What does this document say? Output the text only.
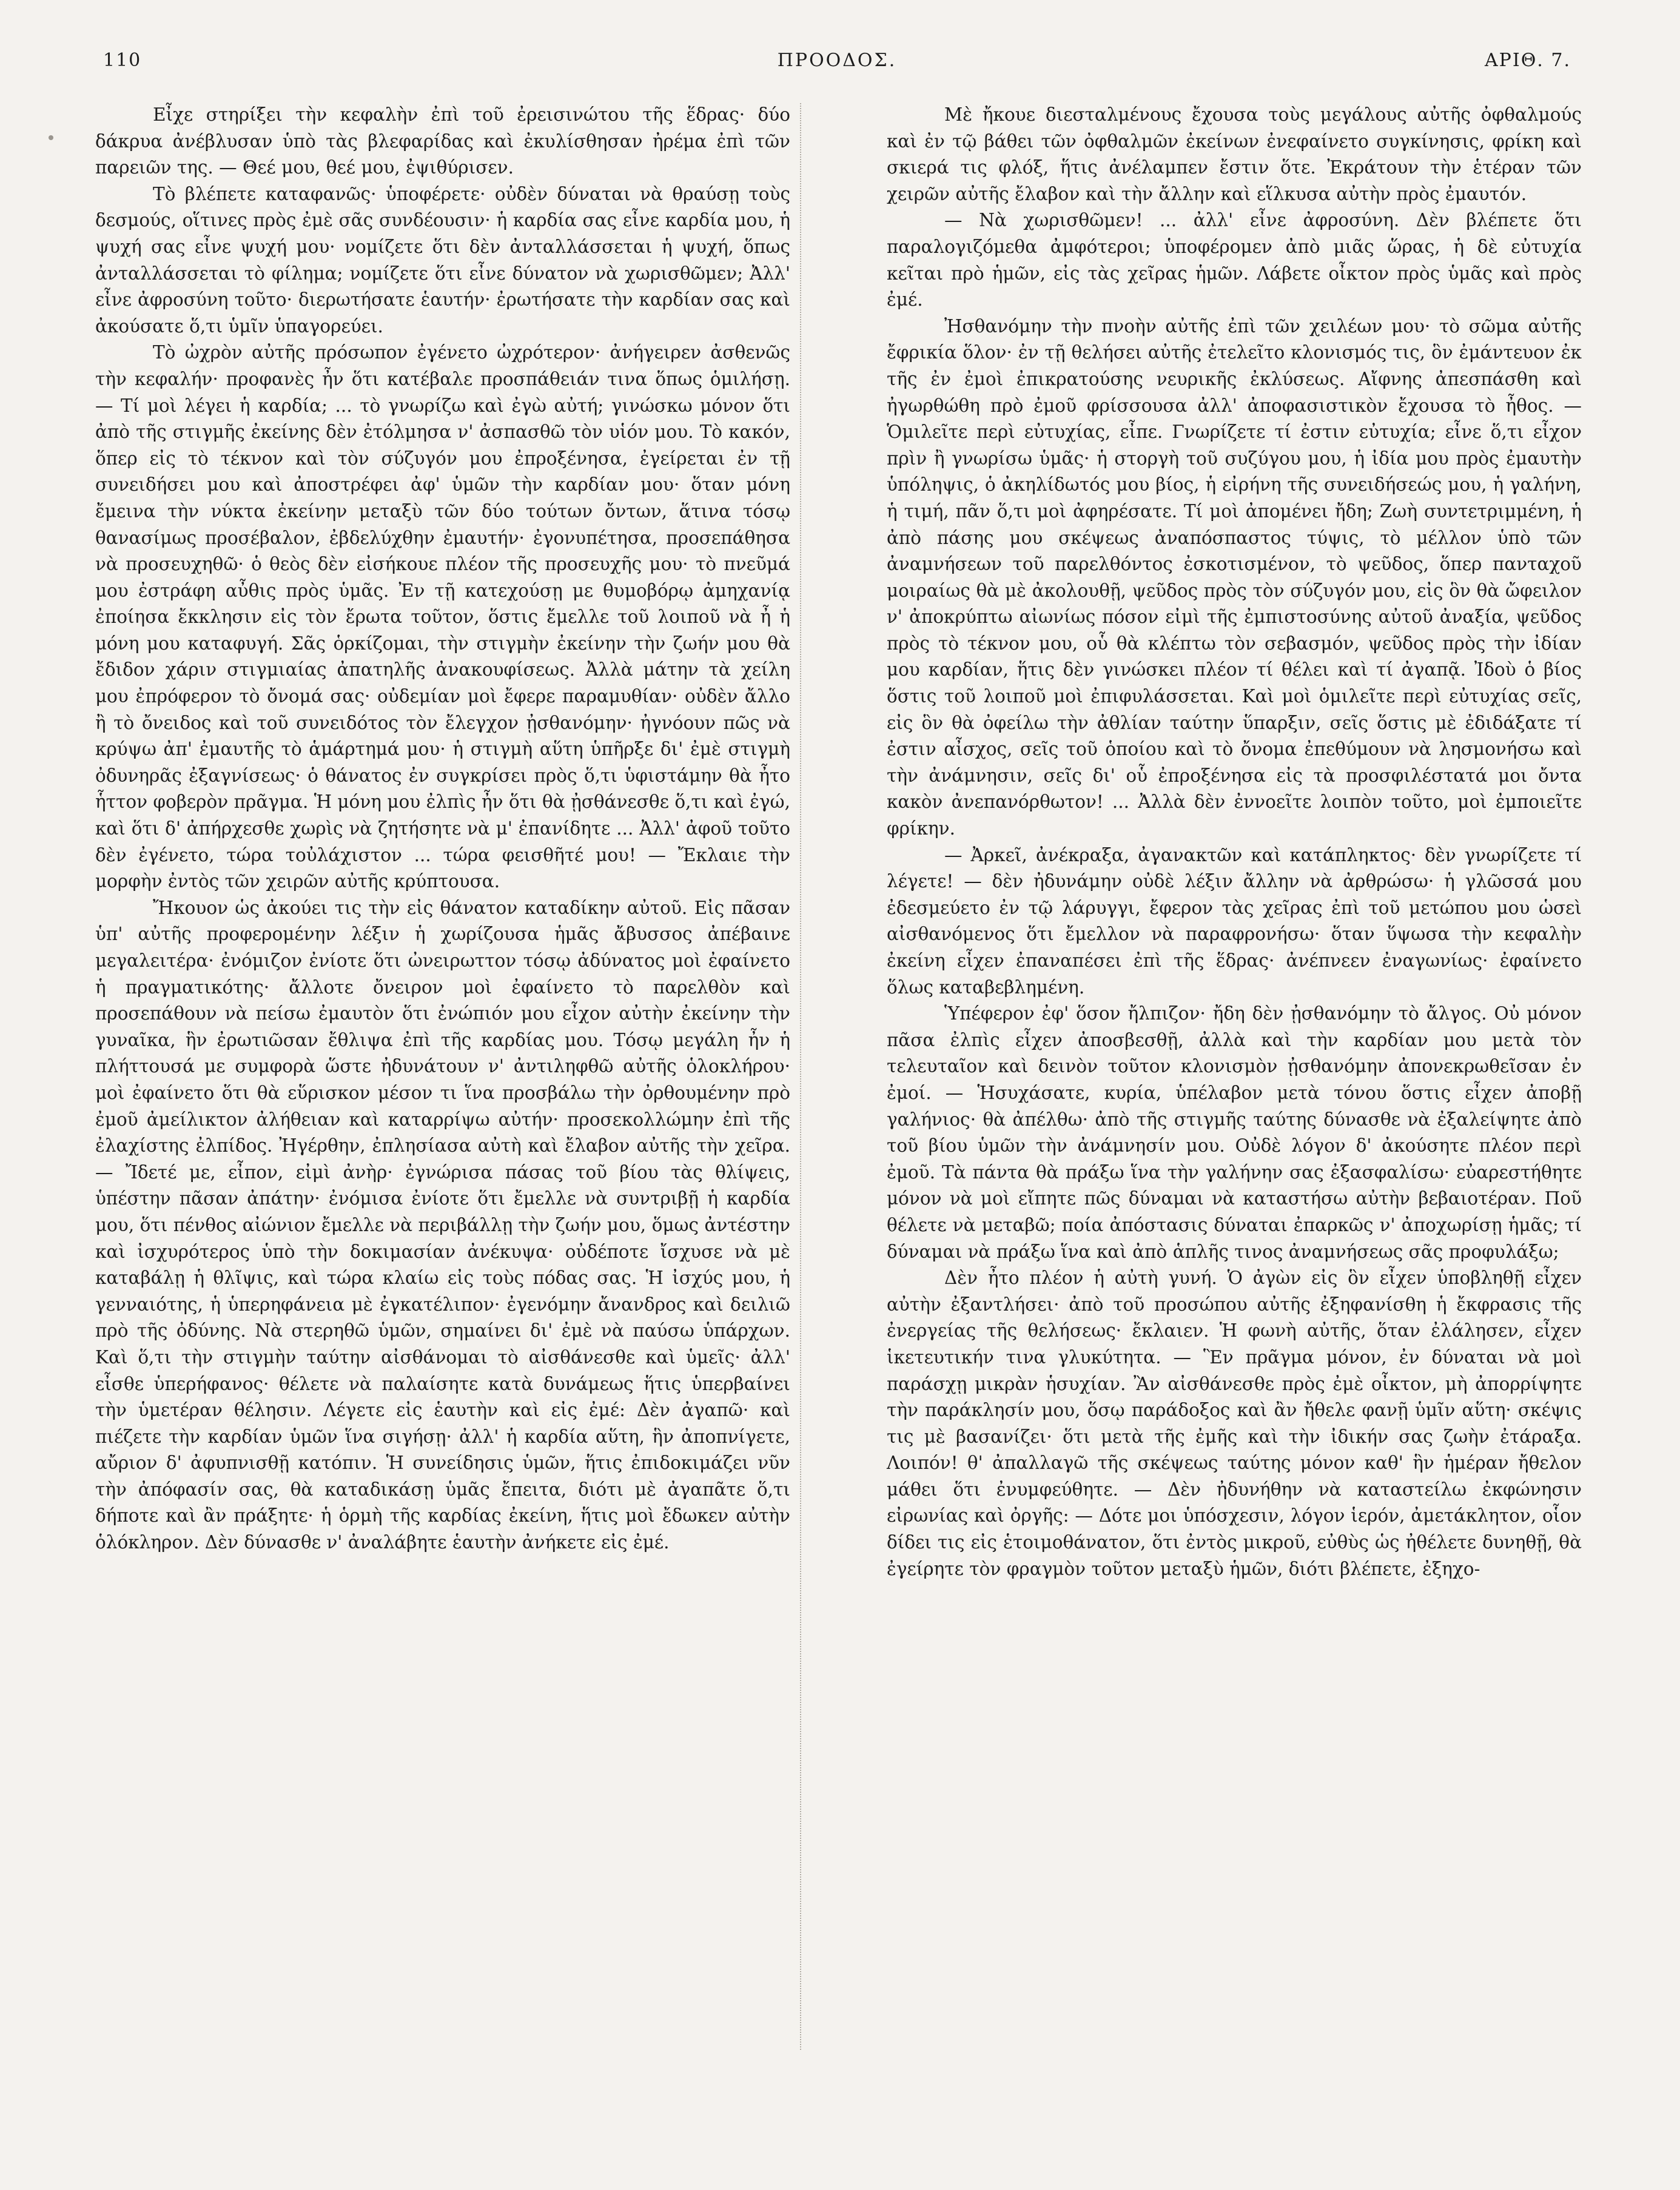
110	ΠΡΟΟΔΟΣ.	ΑΡΙΘ. 7.

Εἶχε στηρίξει τὴν κεφαλὴν ἐπὶ τοῦ ἐρεισινώτου τῆς ἕδρας· δύο δάκρυα ἀνέβλυσαν ὑπὸ τὰς βλεφαρίδας καὶ ἐκυλίσθησαν ἠρέμα ἐπὶ τῶν παρειῶν της. — Θεέ μου, θεέ μου, ἐψιθύρισεν.

Τὸ βλέπετε καταφανῶς· ὑποφέρετε· οὐδὲν δύναται νὰ θραύσῃ τοὺς δεσμούς, οἵτινες πρὸς ἐμὲ σᾶς συνδέουσιν· ἡ καρδία σας εἶνε καρδία μου, ἡ ψυχή σας εἶνε ψυχή μου· νομίζετε ὅτι δὲν ἀνταλλάσσεται ἡ ψυχή, ὅπως ἀνταλλάσσεται τὸ φίλημα; νομίζετε ὅτι εἶνε δύνατον νὰ χωρισθῶμεν; Ἀλλ' εἶνε ἀφροσύνη τοῦτο· διερωτήσατε ἑαυτήν· ἐρωτήσατε τὴν καρδίαν σας καὶ ἀκούσατε ὅ,τι ὑμῖν ὑπαγορεύει.

Τὸ ὠχρὸν αὐτῆς πρόσωπον ἐγένετο ὠχρότερον· ἀνήγειρεν ἀσθενῶς τὴν κεφαλήν· προφανὲς ἦν ὅτι κατέβαλε προσπάθειάν τινα ὅπως ὁμιλήσῃ. — Τί μοὶ λέγει ἡ καρδία; ... τὸ γνωρίζω καὶ ἐγὼ αὐτή; γινώσκω μόνον ὅτι ἀπὸ τῆς στιγμῆς ἐκείνης δὲν ἐτόλμησα ν' ἀσπασθῶ τὸν υἱόν μου. Τὸ κακόν, ὅπερ εἰς τὸ τέκνον καὶ τὸν σύζυγόν μου ἐπροξένησα, ἐγείρεται ἐν τῇ συνειδήσει μου καὶ ἀποστρέφει ἀφ' ὑμῶν τὴν καρδίαν μου· ὅταν μόνη ἔμεινα τὴν νύκτα ἐκείνην μεταξὺ τῶν δύο τούτων ὄντων, ἅτινα τόσῳ θανασίμως προσέβαλον, ἐβδελύχθην ἐμαυτήν· ἐγονυπέτησα, προσεπάθησα νὰ προσευχηθῶ· ὁ θεὸς δὲν εἰσήκουε πλέον τῆς προσευχῆς μου· τὸ πνεῦμά μου ἐστράφη αὖθις πρὸς ὑμᾶς. Ἐν τῇ κατεχούσῃ με θυμοβόρῳ ἀμηχανίᾳ ἐποίησα ἔκκλησιν εἰς τὸν ἔρωτα τοῦτον, ὅστις ἔμελλε τοῦ λοιποῦ νὰ ἦ ἡ μόνη μου καταφυγή. Σᾶς ὁρκίζομαι, τὴν στιγμὴν ἐκείνην τὴν ζωήν μου θὰ ἔδιδον χάριν στιγμιαίας ἀπατηλῆς ἀνακουφίσεως. Ἀλλὰ μάτην τὰ χείλη μου ἐπρόφερον τὸ ὄνομά σας· οὐδεμίαν μοὶ ἔφερε παραμυθίαν· οὐδὲν ἄλλο ἢ τὸ ὄνειδος καὶ τοῦ συνειδότος τὸν ἔλεγχον ᾐσθανόμην· ἠγνόουν πῶς νὰ κρύψω ἀπ' ἐμαυτῆς τὸ ἁμάρτημά μου· ἡ στιγμὴ αὕτη ὑπῆρξε δι' ἐμὲ στιγμὴ ὀδυνηρᾶς ἐξαγνίσεως· ὁ θάνατος ἐν συγκρίσει πρὸς ὅ,τι ὑφιστάμην θὰ ἦτο ἧττον φοβερὸν πρᾶγμα. Ἡ μόνη μου ἐλπὶς ἦν ὅτι θὰ ᾐσθάνεσθε ὅ,τι καὶ ἐγώ, καὶ ὅτι δ' ἀπήρχεσθε χωρὶς νὰ ζητήσητε νὰ μ' ἐπανίδητε ... Ἀλλ' ἀφοῦ τοῦτο δὲν ἐγένετο, τώρα τοὐλάχιστον ... τώρα φεισθῆτέ μου! — Ἔκλαιε τὴν μορφὴν ἐντὸς τῶν χειρῶν αὐτῆς κρύπτουσα.

Ἤκουον ὡς ἀκούει τις τὴν εἰς θάνατον καταδίκην αὐτοῦ. Εἰς πᾶσαν ὑπ' αὐτῆς προφερομένην λέξιν ἡ χωρίζουσα ἡμᾶς ἄβυσσος ἀπέβαινε μεγαλειτέρα· ἐνόμιζον ἐνίοτε ὅτι ὠνειρωττον τόσῳ ἀδύνατος μοὶ ἐφαίνετο ἡ πραγματικότης· ἄλλοτε ὄνειρον μοὶ ἐφαίνετο τὸ παρελθὸν καὶ προσεπάθουν νὰ πείσω ἐμαυτὸν ὅτι ἐνώπιόν μου εἶχον αὐτὴν ἐκείνην τὴν γυναῖκα, ἣν ἐρωτιῶσαν ἔθλιψα ἐπὶ τῆς καρδίας μου. Τόσῳ μεγάλη ἦν ἡ πλήττουσά με συμφορὰ ὥστε ἠδυνάτουν ν' ἀντιληφθῶ αὐτῆς ὁλοκλήρου· μοὶ ἐφαίνετο ὅτι θὰ εὕρισκον μέσον τι ἵνα προσβάλω τὴν ὀρθουμένην πρὸ ἐμοῦ ἀμείλικτον ἀλήθειαν καὶ καταρρίψω αὐτήν· προσεκολλώμην ἐπὶ τῆς ἐλαχίστης ἐλπίδος. Ἠγέρθην, ἐπλησίασα αὐτὴ καὶ ἔλαβον αὐτῆς τὴν χεῖρα. — Ἴδετέ με, εἶπον, εἰμὶ ἀνὴρ· ἐγνώρισα πάσας τοῦ βίου τὰς θλίψεις, ὑπέστην πᾶσαν ἀπάτην· ἐνόμισα ἐνίοτε ὅτι ἔμελλε νὰ συντριβῇ ἡ καρδία μου, ὅτι πένθος αἰώνιον ἔμελλε νὰ περιβάλλῃ τὴν ζωήν μου, ὅμως ἀντέστην καὶ ἰσχυρότερος ὑπὸ τὴν δοκιμασίαν ἀνέκυψα· οὐδέποτε ἴσχυσε νὰ μὲ καταβάλῃ ἡ θλῖψις, καὶ τώρα κλαίω εἰς τοὺς πόδας σας. Ἡ ἰσχύς μου, ἡ γενναιότης, ἡ ὑπερηφάνεια μὲ ἐγκατέλιπον· ἐγενόμην ἄνανδρος καὶ δειλιῶ πρὸ τῆς ὀδύνης. Νὰ στερηθῶ ὑμῶν, σημαίνει δι' ἐμὲ νὰ παύσω ὑπάρχων. Καὶ ὅ,τι τὴν στιγμὴν ταύτην αἰσθάνομαι τὸ αἰσθάνεσθε καὶ ὑμεῖς· ἀλλ' εἶσθε ὑπερήφανος· θέλετε νὰ παλαίσητε κατὰ δυνάμεως ἥτις ὑπερβαίνει τὴν ὑμετέραν θέλησιν. Λέγετε εἰς ἑαυτὴν καὶ εἰς ἐμέ: Δὲν ἀγαπῶ· καὶ πιέζετε τὴν καρδίαν ὑμῶν ἵνα σιγήσῃ· ἀλλ' ἡ καρδία αὕτη, ἣν ἀποπνίγετε, αὔριον δ' ἀφυπνισθῇ κατόπιν. Ἡ συνείδησις ὑμῶν, ἥτις ἐπιδοκιμάζει νῦν τὴν ἀπόφασίν σας, θὰ καταδικάσῃ ὑμᾶς ἔπειτα, διότι μὲ ἀγαπᾶτε ὅ,τι δήποτε καὶ ἂν πράξητε· ἡ ὁρμὴ τῆς καρδίας ἐκείνη, ἥτις μοὶ ἔδωκεν αὐτὴν ὁλόκληρον. Δὲν δύνασθε ν' ἀναλάβητε ἑαυτὴν ἀνήκετε εἰς ἐμέ.

Μὲ ἤκουε διεσταλμένους ἔχουσα τοὺς μεγάλους αὐτῆς ὀφθαλμούς καὶ ἐν τῷ βάθει τῶν ὀφθαλμῶν ἐκείνων ἐνεφαίνετο συγκίνησις, φρίκη καὶ σκιερά τις φλόξ, ἥτις ἀνέλαμπεν ἔστιν ὅτε. Ἐκράτουν τὴν ἑτέραν τῶν χειρῶν αὐτῆς ἔλαβον καὶ τὴν ἄλλην καὶ εἵλκυσα αὐτὴν πρὸς ἐμαυτόν.

— Νὰ χωρισθῶμεν! ... ἀλλ' εἶνε ἀφροσύνη. Δὲν βλέπετε ὅτι παραλογιζόμεθα ἀμφότεροι; ὑποφέρομεν ἀπὸ μιᾶς ὥρας, ἡ δὲ εὐτυχία κεῖται πρὸ ἡμῶν, εἰς τὰς χεῖρας ἡμῶν. Λάβετε οἶκτον πρὸς ὑμᾶς καὶ πρὸς ἐμέ.

Ἠσθανόμην τὴν πνοὴν αὐτῆς ἐπὶ τῶν χειλέων μου· τὸ σῶμα αὐτῆς ἔφρικία ὅλον· ἐν τῇ θελήσει αὐτῆς ἐτελεῖτο κλονισμός τις, ὃν ἐμάντευον ἐκ τῆς ἐν ἐμοὶ ἐπικρατούσης νευρικῆς ἐκλύσεως. Αἴφνης ἀπεσπάσθη καὶ ἠγωρθώθη πρὸ ἐμοῦ φρίσσουσα ἀλλ' ἀποφασιστικὸν ἔχουσα τὸ ἦθος. — Ὁμιλεῖτε περὶ εὐτυχίας, εἶπε. Γνωρίζετε τί ἐστιν εὐτυχία; εἶνε ὅ,τι εἶχον πρὶν ἢ γνωρίσω ὑμᾶς· ἡ στοργὴ τοῦ συζύγου μου, ἡ ἰδία μου πρὸς ἐμαυτὴν ὑπόληψις, ὁ ἀκηλίδωτός μου βίος, ἡ εἰρήνη τῆς συνειδήσεώς μου, ἡ γαλήνη, ἡ τιμή, πᾶν ὅ,τι μοὶ ἀφηρέσατε. Τί μοὶ ἀπομένει ἤδη; Ζωὴ συντετριμμένη, ἡ ἀπὸ πάσης μου σκέψεως ἀναπόσπαστος τύψις, τὸ μέλλον ὑπὸ τῶν ἀναμνήσεων τοῦ παρελθόντος ἐσκοτισμένον, τὸ ψεῦδος, ὅπερ πανταχοῦ μοιραίως θὰ μὲ ἀκολουθῇ, ψεῦδος πρὸς τὸν σύζυγόν μου, εἰς ὃν θὰ ὤφειλον ν' ἀποκρύπτω αἰωνίως πόσον εἰμὶ τῆς ἐμπιστοσύνης αὐτοῦ ἀναξία, ψεῦδος πρὸς τὸ τέκνον μου, οὗ θὰ κλέπτω τὸν σεβασμόν, ψεῦδος πρὸς τὴν ἰδίαν μου καρδίαν, ἥτις δὲν γινώσκει πλέον τί θέλει καὶ τί ἀγαπᾷ. Ἰδοὺ ὁ βίος ὅστις τοῦ λοιποῦ μοὶ ἐπιφυλάσσεται. Καὶ μοὶ ὁμιλεῖτε περὶ εὐτυχίας σεῖς, εἰς ὃν θὰ ὀφείλω τὴν ἀθλίαν ταύτην ὕπαρξιν, σεῖς ὅστις μὲ ἐδιδάξατε τί ἐστιν αἶσχος, σεῖς τοῦ ὁποίου καὶ τὸ ὄνομα ἐπεθύμουν νὰ λησμονήσω καὶ τὴν ἀνάμνησιν, σεῖς δι' οὗ ἐπροξένησα εἰς τὰ προσφιλέστατά μοι ὄντα κακὸν ἀνεπανόρθωτον! ... Ἀλλὰ δὲν ἐννοεῖτε λοιπὸν τοῦτο, μοὶ ἐμποιεῖτε φρίκην.

— Ἀρκεῖ, ἀνέκραξα, ἀγανακτῶν καὶ κατάπληκτος· δὲν γνωρίζετε τί λέγετε! — δὲν ἠδυνάμην οὐδὲ λέξιν ἄλλην νὰ ἀρθρώσω· ἡ γλῶσσά μου ἐδεσμεύετο ἐν τῷ λάρυγγι, ἔφερον τὰς χεῖρας ἐπὶ τοῦ μετώπου μου ὡσεὶ αἰσθανόμενος ὅτι ἔμελλον νὰ παραφρονήσω· ὅταν ὕψωσα τὴν κεφαλὴν ἐκείνη εἶχεν ἐπαναπέσει ἐπὶ τῆς ἕδρας· ἀνέπνεεν ἐναγωνίως· ἐφαίνετο ὅλως καταβεβλημένη.

Ὑπέφερον ἐφ' ὅσον ἤλπιζον· ἤδη δὲν ᾐσθανόμην τὸ ἄλγος. Οὐ μόνον πᾶσα ἐλπὶς εἶχεν ἀποσβεσθῇ, ἀλλὰ καὶ τὴν καρδίαν μου μετὰ τὸν τελευταῖον καὶ δεινὸν τοῦτον κλονισμὸν ᾐσθανόμην ἀπονεκρωθεῖσαν ἐν ἐμοί. — Ἡσυχάσατε, κυρία, ὑπέλαβον μετὰ τόνου ὅστις εἶχεν ἀποβῇ γαλήνιος· θὰ ἀπέλθω· ἀπὸ τῆς στιγμῆς ταύτης δύνασθε νὰ ἐξαλείψητε ἀπὸ τοῦ βίου ὑμῶν τὴν ἀνάμνησίν μου. Οὐδὲ λόγον δ' ἀκούσητε πλέον περὶ ἐμοῦ. Τὰ πάντα θὰ πράξω ἵνα τὴν γαλήνην σας ἐξασφαλίσω· εὐαρεστήθητε μόνον νὰ μοὶ εἴπητε πῶς δύναμαι νὰ καταστήσω αὐτὴν βεβαιοτέραν. Ποῦ θέλετε νὰ μεταβῶ; ποία ἀπόστασις δύναται ἐπαρκῶς ν' ἀποχωρίσῃ ἡμᾶς; τί δύναμαι νὰ πράξω ἵνα καὶ ἀπὸ ἁπλῆς τινος ἀναμνήσεως σᾶς προφυλάξω;

Δὲν ἦτο πλέον ἡ αὐτὴ γυνή. Ὁ ἀγὼν εἰς ὃν εἶχεν ὑποβληθῇ εἶχεν αὐτὴν ἐξαντλήσει· ἀπὸ τοῦ προσώπου αὐτῆς ἐξηφανίσθη ἡ ἔκφρασις τῆς ἐνεργείας τῆς θελήσεως· ἔκλαιεν. Ἡ φωνὴ αὐτῆς, ὅταν ἐλάλησεν, εἶχεν ἱκετευτικήν τινα γλυκύτητα. — Ἓν πρᾶγμα μόνον, ἐν δύναται νὰ μοὶ παράσχῃ μικρὰν ἡσυχίαν. Ἂν αἰσθάνεσθε πρὸς ἐμὲ οἶκτον, μὴ ἀπορρίψητε τὴν παράκλησίν μου, ὅσῳ παράδοξος καὶ ἂν ἤθελε φανῇ ὑμῖν αὕτη· σκέψις τις μὲ βασανίζει· ὅτι μετὰ τῆς ἐμῆς καὶ τὴν ἰδικήν σας ζωὴν ἐτάραξα. Λοιπόν! θ' ἀπαλλαγῶ τῆς σκέψεως ταύτης μόνον καθ' ἣν ἡμέραν ἤθελον μάθει ὅτι ἐνυμφεύθητε. — Δὲν ἠδυνήθην νὰ καταστείλω ἐκφώνησιν εἰρωνίας καὶ ὀργῆς: — Δότε μοι ὑπόσχεσιν, λόγον ἱερόν, ἀμετάκλητον, οἷον δίδει τις εἰς ἑτοιμοθάνατον, ὅτι ἐντὸς μικροῦ, εὐθὺς ὡς ἠθέλετε δυνηθῇ, θὰ ἐγείρητε τὸν φραγμὸν τοῦτον μεταξὺ ἡμῶν, διότι βλέπετε, ἐξηχο-
